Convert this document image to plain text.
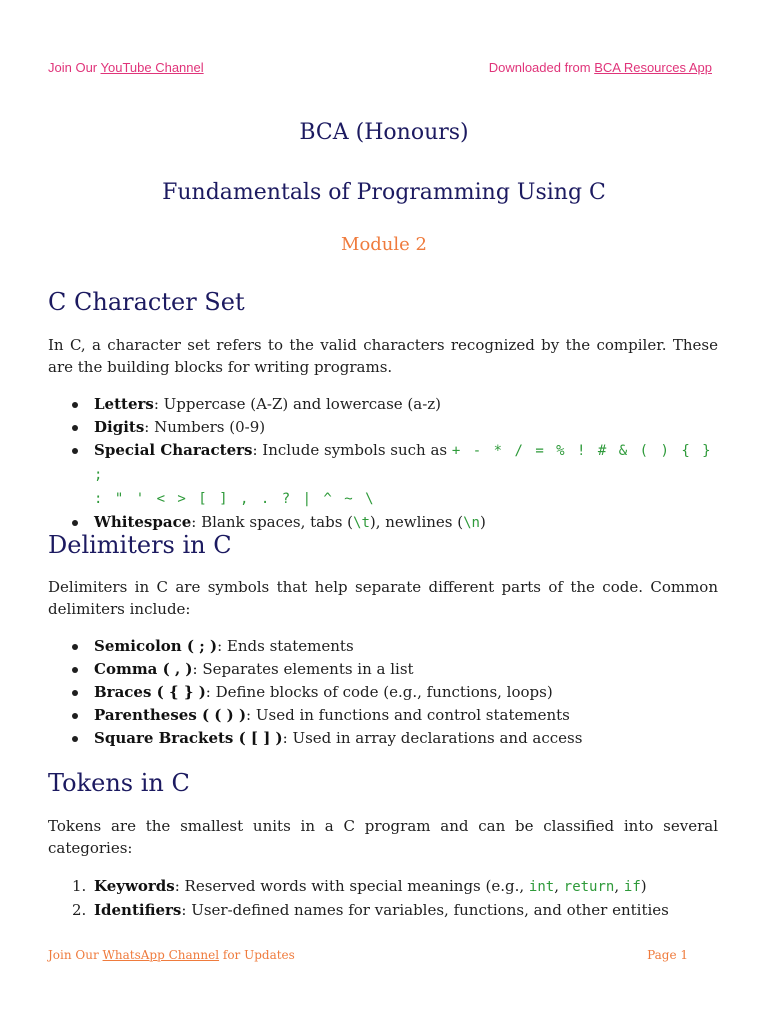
Join Our YouTube Channel	Downloaded from BCA Resources App
BCA (Honours)
Fundamentals of Programming Using C
Module 2
C Character Set

In C, a character set refers to the valid characters recognized by the compiler. These are the building blocks for writing programs.

Letters: Uppercase (A-Z) and lowercase (a-z)
Digits: Numbers (0-9)
Special Characters: Include symbols such as + - * / = % ! # & ( ) { } ;
: " ' < > [ ] , . ? | ^ ~ \
Whitespace: Blank spaces, tabs (\t), newlines (\n)
Delimiters in C

Delimiters in C are symbols that help separate different parts of the code. Common delimiters include:

Semicolon ( ; ): Ends statements
Comma ( , ): Separates elements in a list
Braces ( { } ): Define blocks of code (e.g., functions, loops)
Parentheses ( ( ) ): Used in functions and control statements
Square Brackets ( [ ] ): Used in array declarations and access
Tokens in C

Tokens are the smallest units in a C program and can be classified into several categories:

1. Keywords: Reserved words with special meanings (e.g., int, return, if)
2. Identifiers: User-defined names for variables, functions, and other entities
Join Our WhatsApp Channel for Updates	Page 1
